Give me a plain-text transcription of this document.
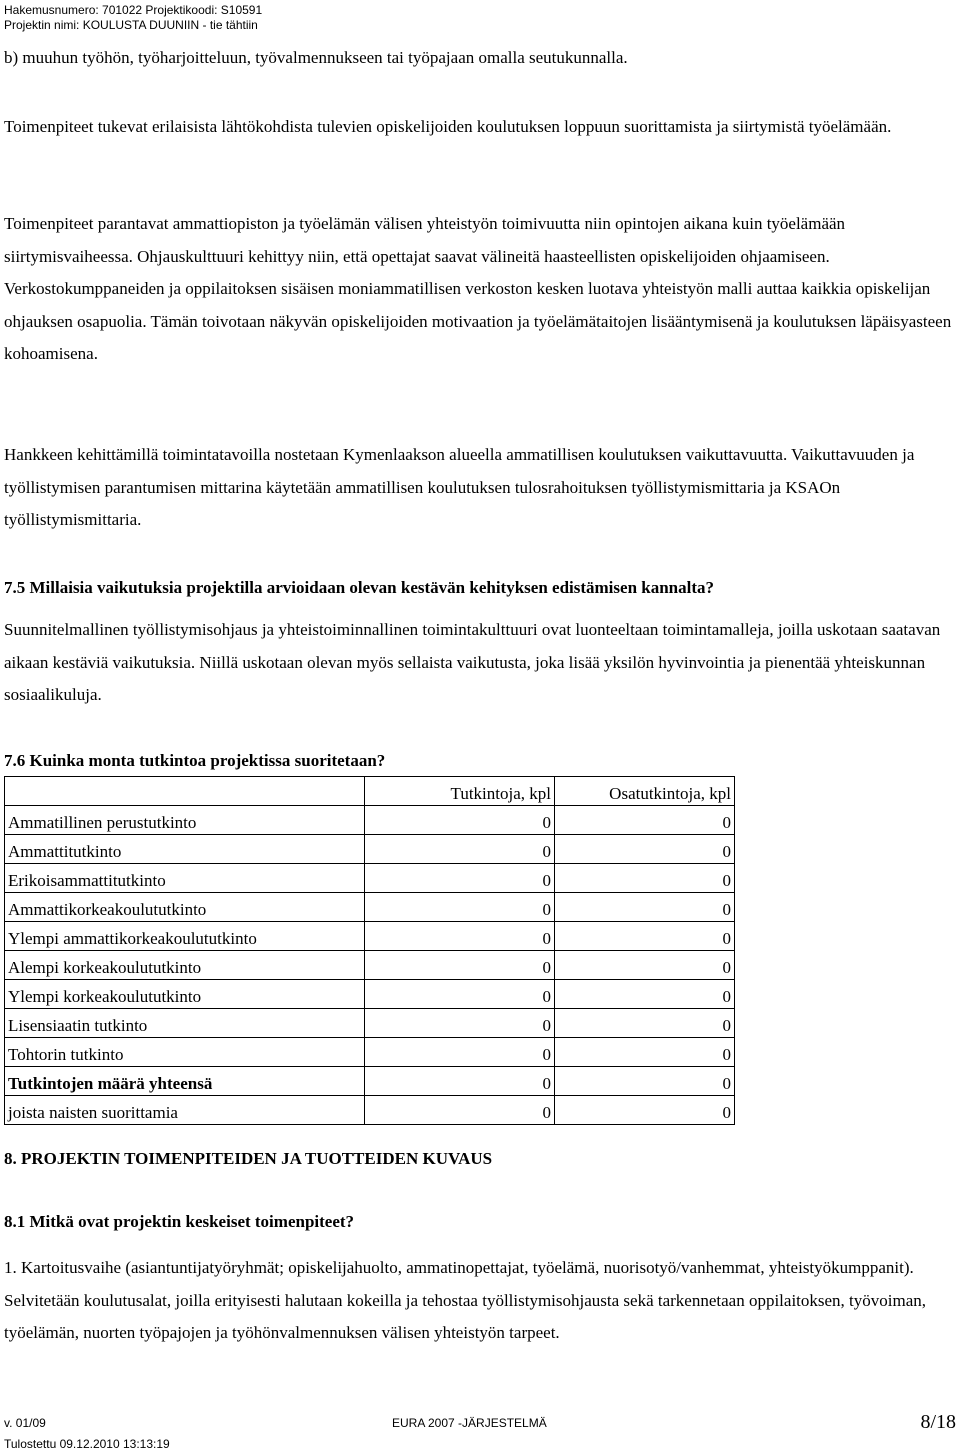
Hakemusnumero: 701022 Projektikoodi: S10591
Projektin nimi: KOULUSTA DUUNIIN - tie tähtiin
b) muuhun työhön, työharjoitteluun, työvalmennukseen tai työpajaan omalla seutukunnalla.
Toimenpiteet tukevat erilaisista lähtökohdista tulevien opiskelijoiden koulutuksen loppuun suorittamista ja siirtymistä työelämään.
Toimenpiteet parantavat ammattiopiston ja työelämän välisen yhteistyön toimivuutta niin opintojen aikana kuin työelämään siirtymisvaiheessa. Ohjauskulttuuri kehittyy niin, että opettajat saavat välineitä haasteellisten opiskelijoiden ohjaamiseen. Verkostokumppaneiden ja oppilaitoksen sisäisen moniammatillisen verkoston kesken luotava yhteistyön malli auttaa kaikkia opiskelijan ohjauksen osapuolia. Tämän toivotaan näkyvän opiskelijoiden motivaation ja työelämätaitojen lisääntymisenä ja koulutuksen läpäisyasteen kohoamisena.
Hankkeen kehittämillä toimintatavoilla nostetaan Kymenlaakson alueella ammatillisen koulutuksen vaikuttavuutta. Vaikuttavuuden ja työllistymisen parantumisen mittarina käytetään ammatillisen koulutuksen tulosrahoituksen työllistymismittaria ja KSAOn työllistymismittaria.
7.5 Millaisia vaikutuksia projektilla arvioidaan olevan kestävän kehityksen edistämisen kannalta?
Suunnitelmallinen työllistymisohjaus ja yhteistoiminnallinen toimintakulttuuri ovat luonteeltaan toimintamalleja, joilla uskotaan saatavan aikaan kestäviä vaikutuksia. Niillä uskotaan olevan myös sellaista vaikutusta, joka lisää yksilön hyvinvointia ja pienentää yhteiskunnan sosiaalikuluja.
7.6 Kuinka monta tutkintoa projektissa suoritetaan?
	Tutkintoja, kpl	Osatutkintoja, kpl
Ammatillinen perustutkinto	0	0
Ammattitutkinto	0	0
Erikoisammattitutkinto	0	0
Ammattikorkeakoulututkinto	0	0
Ylempi ammattikorkeakoulututkinto	0	0
Alempi korkeakoulututkinto	0	0
Ylempi korkeakoulututkinto	0	0
Lisensiaatin tutkinto	0	0
Tohtorin tutkinto	0	0
Tutkintojen määrä yhteensä	0	0
joista naisten suorittamia	0	0
8. PROJEKTIN TOIMENPITEIDEN JA TUOTTEIDEN KUVAUS
8.1 Mitkä ovat projektin keskeiset toimenpiteet?
1. Kartoitusvaihe (asiantuntijatyöryhmät; opiskelijahuolto, ammatinopettajat, työelämä, nuorisotyö/vanhemmat, yhteistyökumppanit). Selvitetään koulutusalat, joilla erityisesti halutaan kokeilla ja tehostaa työllistymisohjausta sekä tarkennetaan oppilaitoksen, työvoiman, työelämän, nuorten työpajojen ja työhönvalmennuksen välisen yhteistyön tarpeet.
v. 01/09	EURA 2007 -JÄRJESTELMÄ	8/18
Tulostettu 09.12.2010 13:13:19
